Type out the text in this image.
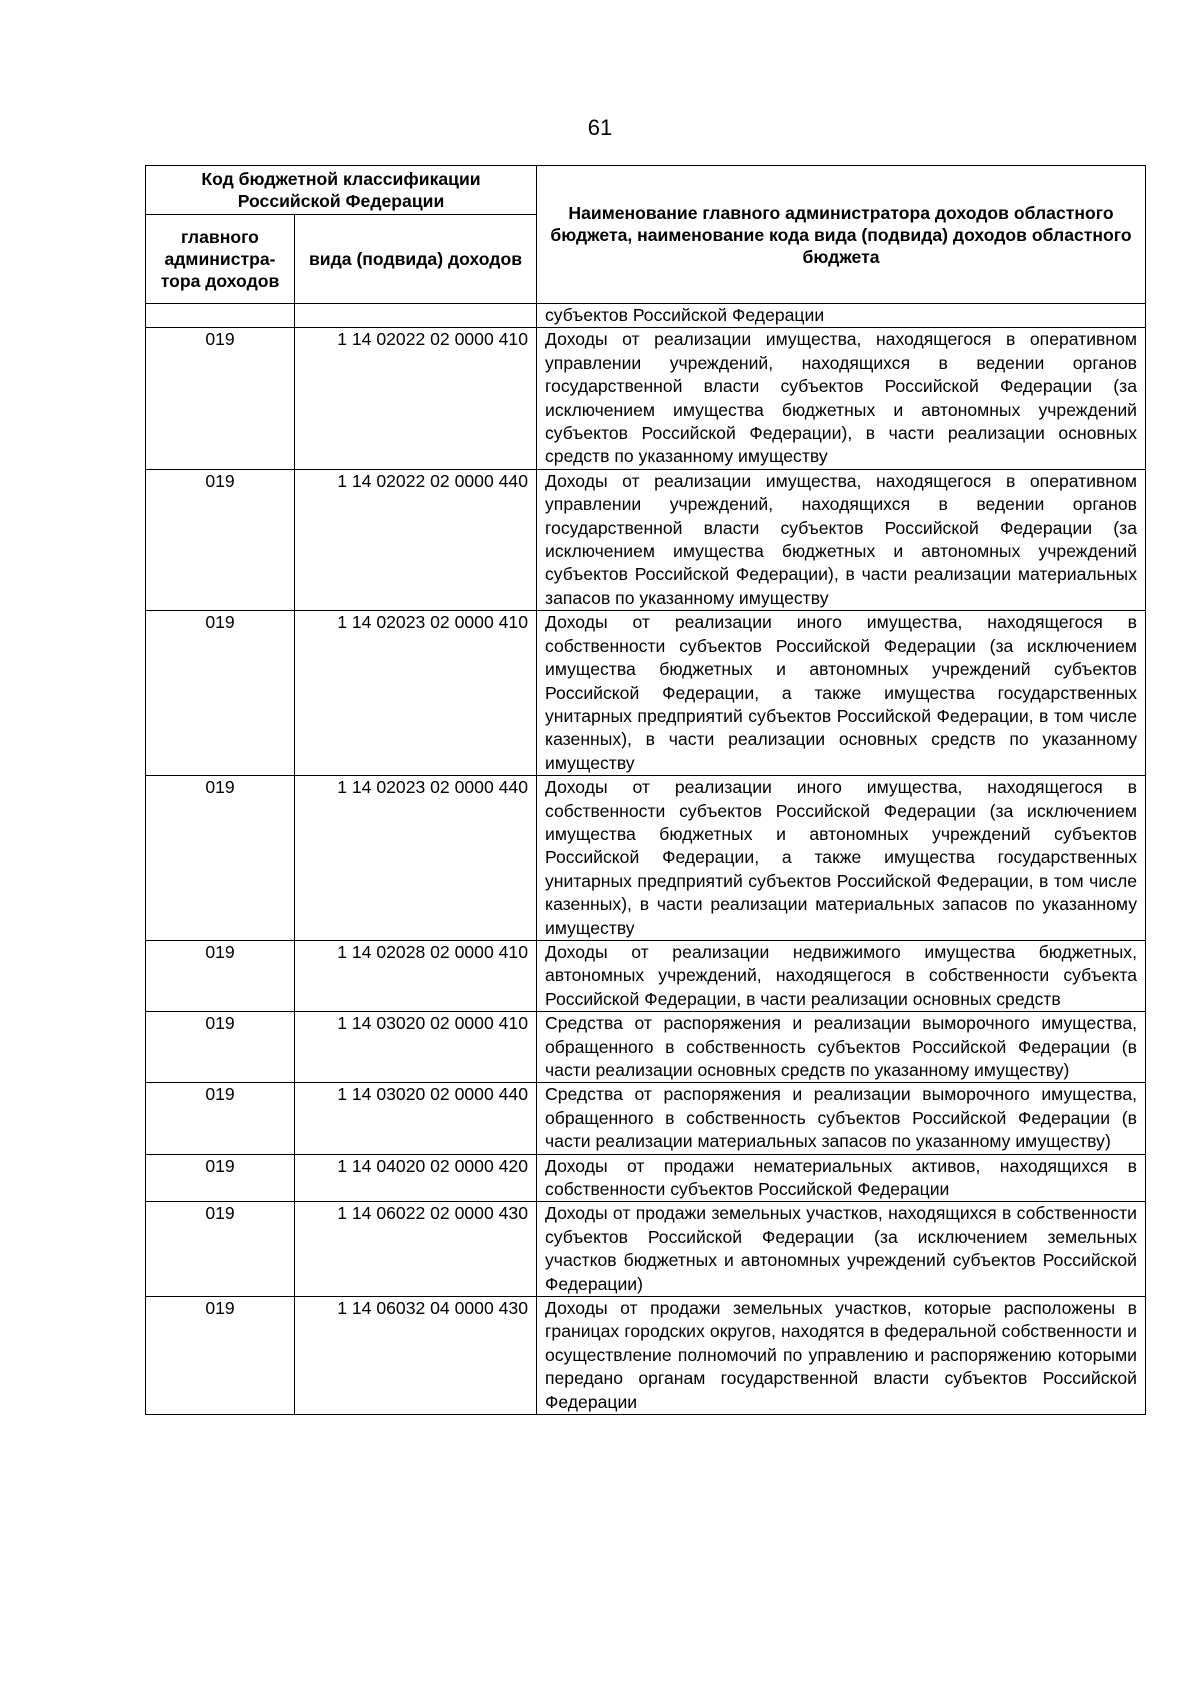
61
Код бюджетной классификации Российской Федерации		Наименование главного администратора доходов областного бюджета, наименование кода вида (подвида) доходов областного бюджета
главного администра-тора доходов	вида (подвида) доходов	
		субъектов Российской Федерации
019	1 14 02022 02 0000 410	Доходы от реализации имущества, находящегося в оперативном управлении учреждений, находящихся в ведении органов государственной власти субъектов Российской Федерации (за исключением имущества бюджетных и автономных учреждений субъектов Российской Федерации), в части реализации основных средств по указанному имуществу
019	1 14 02022 02 0000 440	Доходы от реализации имущества, находящегося в оперативном управлении учреждений, находящихся в ведении органов государственной власти субъектов Российской Федерации (за исключением имущества бюджетных и автономных учреждений субъектов Российской Федерации), в части реализации материальных запасов по указанному имуществу
019	1 14 02023 02 0000 410	Доходы от реализации иного имущества, находящегося в собственности субъектов Российской Федерации (за исключением имущества бюджетных и автономных учреждений субъектов Российской Федерации, а также имущества государственных унитарных предприятий субъектов Российской Федерации, в том числе казенных), в части реализации основных средств по указанному имуществу
019	1 14 02023 02 0000 440	Доходы от реализации иного имущества, находящегося в собственности субъектов Российской Федерации (за исключением имущества бюджетных и автономных учреждений субъектов Российской Федерации, а также имущества государственных унитарных предприятий субъектов Российской Федерации, в том числе казенных), в части реализации материальных запасов по указанному имуществу
019	1 14 02028 02 0000 410	Доходы от реализации недвижимого имущества бюджетных, автономных учреждений, находящегося в собственности субъекта Российской Федерации, в части реализации основных средств
019	1 14 03020 02 0000 410	Средства от распоряжения и реализации выморочного имущества, обращенного в собственность субъектов Российской Федерации (в части реализации основных средств по указанному имуществу)
019	1 14 03020 02 0000 440	Средства от распоряжения и реализации выморочного имущества, обращенного в собственность субъектов Российской Федерации (в части реализации материальных запасов по указанному имуществу)
019	1 14 04020 02 0000 420	Доходы от продажи нематериальных активов, находящихся в собственности субъектов Российской Федерации
019	1 14 06022 02 0000 430	Доходы от продажи земельных участков, находящихся в собственности субъектов Российской Федерации (за исключением земельных участков бюджетных и автономных учреждений субъектов Российской Федерации)
019	1 14 06032 04 0000 430	Доходы от продажи земельных участков, которые расположены в границах городских округов, находятся в федеральной собственности и осуществление полномочий по управлению и распоряжению которыми передано органам государственной власти субъектов Российской Федерации
